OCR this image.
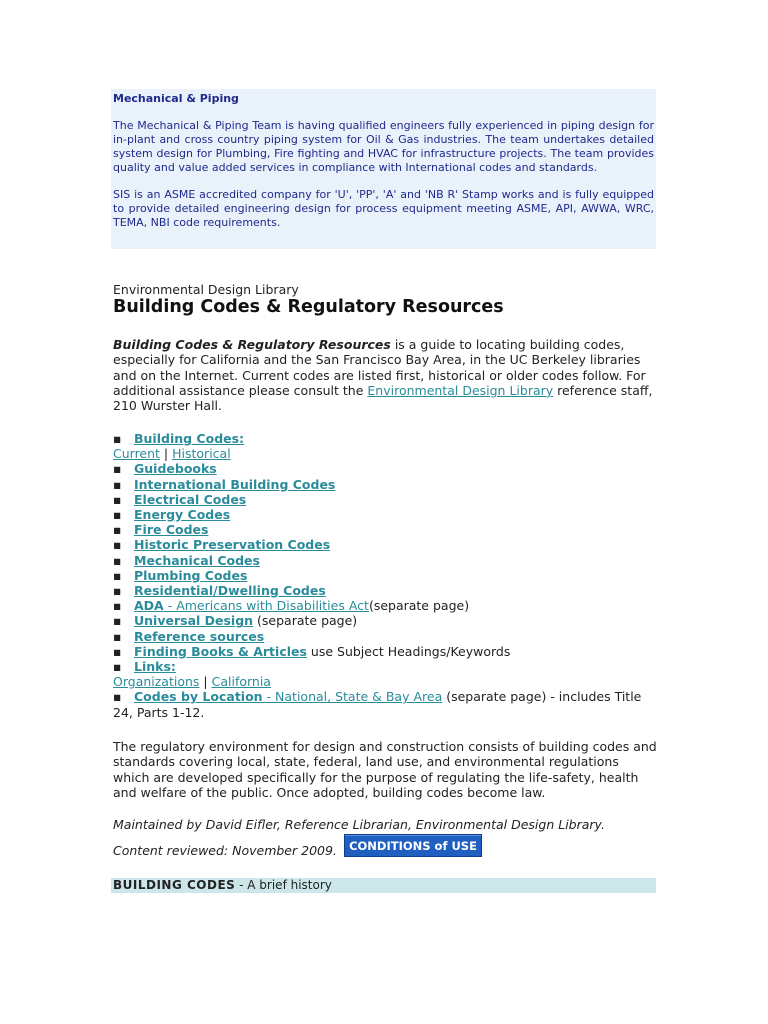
Mechanical & Piping

The Mechanical & Piping Team is having qualified engineers fully experienced in piping design for in-plant and cross country piping system for Oil & Gas industries. The team undertakes detailed system design for Plumbing, Fire fighting and HVAC for infrastructure projects. The team provides quality and value added services in compliance with International codes and standards.

SIS is an ASME accredited company for 'U', 'PP', 'A' and 'NB R' Stamp works and is fully equipped to provide detailed engineering design for process equipment meeting ASME, API, AWWA, WRC, TEMA, NBI code requirements.

Environmental Design Library
Building Codes & Regulatory Resources

Building Codes & Regulatory Resources is a guide to locating building codes, especially for California and the San Francisco Bay Area, in the UC Berkeley libraries and on the Internet. Current codes are listed first, historical or older codes follow. For additional assistance please consult the Environmental Design Library reference staff, 210 Wurster Hall.

▪ Building Codes:
Current | Historical
▪ Guidebooks
▪ International Building Codes
▪ Electrical Codes
▪ Energy Codes
▪ Fire Codes
▪ Historic Preservation Codes
▪ Mechanical Codes
▪ Plumbing Codes
▪ Residential/Dwelling Codes
▪ ADA - Americans with Disabilities Act(separate page)
▪ Universal Design (separate page)
▪ Reference sources
▪ Finding Books & Articles use Subject Headings/Keywords
▪ Links:
Organizations | California
▪ Codes by Location - National, State & Bay Area (separate page) - includes Title 24, Parts 1-12.

The regulatory environment for design and construction consists of building codes and standards covering local, state, federal, land use, and environmental regulations which are developed specifically for the purpose of regulating the life-safety, health and welfare of the public. Once adopted, building codes become law.

Maintained by David Eifler, Reference Librarian, Environmental Design Library.

Content reviewed: November 2009.	CONDITIONS of USE
BUILDING CODES - A brief history
